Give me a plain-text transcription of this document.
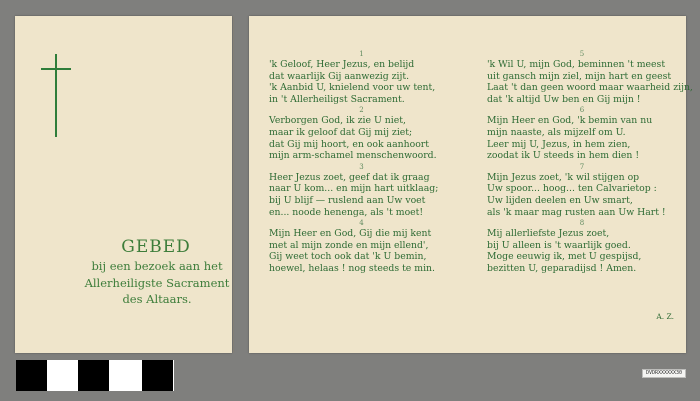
GEBED
bij een bezoek aan het
Allerheiligste Sacrament
des Altaars.
1
'k Geloof, Heer Jezus, en belijd
dat waarlijk Gij aanwezig zijt.
'k Aanbid U, knielend voor uw tent,
in 't Allerheiligst Sacrament.
2
Verborgen God, ik zie U niet,
maar ik geloof dat Gij mij ziet;
dat Gij mij hoort, en ook aanhoort
mijn arm-schamel menschenwoord.
3
Heer Jezus zoet, geef dat ik graag
naar U kom... en mijn hart uitklaag;
bij U blijf — ruslend aan Uw voet
en... noode henenga, als 't moet!
4
Mijn Heer en God, Gij die mij kent
met al mijn zonde en mijn ellend',
Gij weet toch ook dat 'k U bemin,
hoewel, helaas ! nog steeds te min.
5
'k Wil U, mijn God, beminnen 't meest
uit gansch mijn ziel, mijn hart en geest
Laat 't dan geen woord maar waarheid zijn,
dat 'k altijd Uw ben en Gij mijn !
6
Mijn Heer en God, 'k bemin van nu
mijn naaste, als mijzelf om U.
Leer mij U, Jezus, in hem zien,
zoodat ik U steeds in hem dien !
7
Mijn Jezus zoet, 'k wil stijgen op
Uw spoor... hoog... ten Calvarietop :
Uw lijden deelen en Uw smart,
als 'k maar mag rusten aan Uw Hart !
8
Mij allerliefste Jezus zoet,
bij U alleen is 't waarlijk goed.
Moge eeuwig ik, met U gespijsd,
bezitten U, geparadijsd ! Amen.
A. Z.
DVDRXXXXXX30
